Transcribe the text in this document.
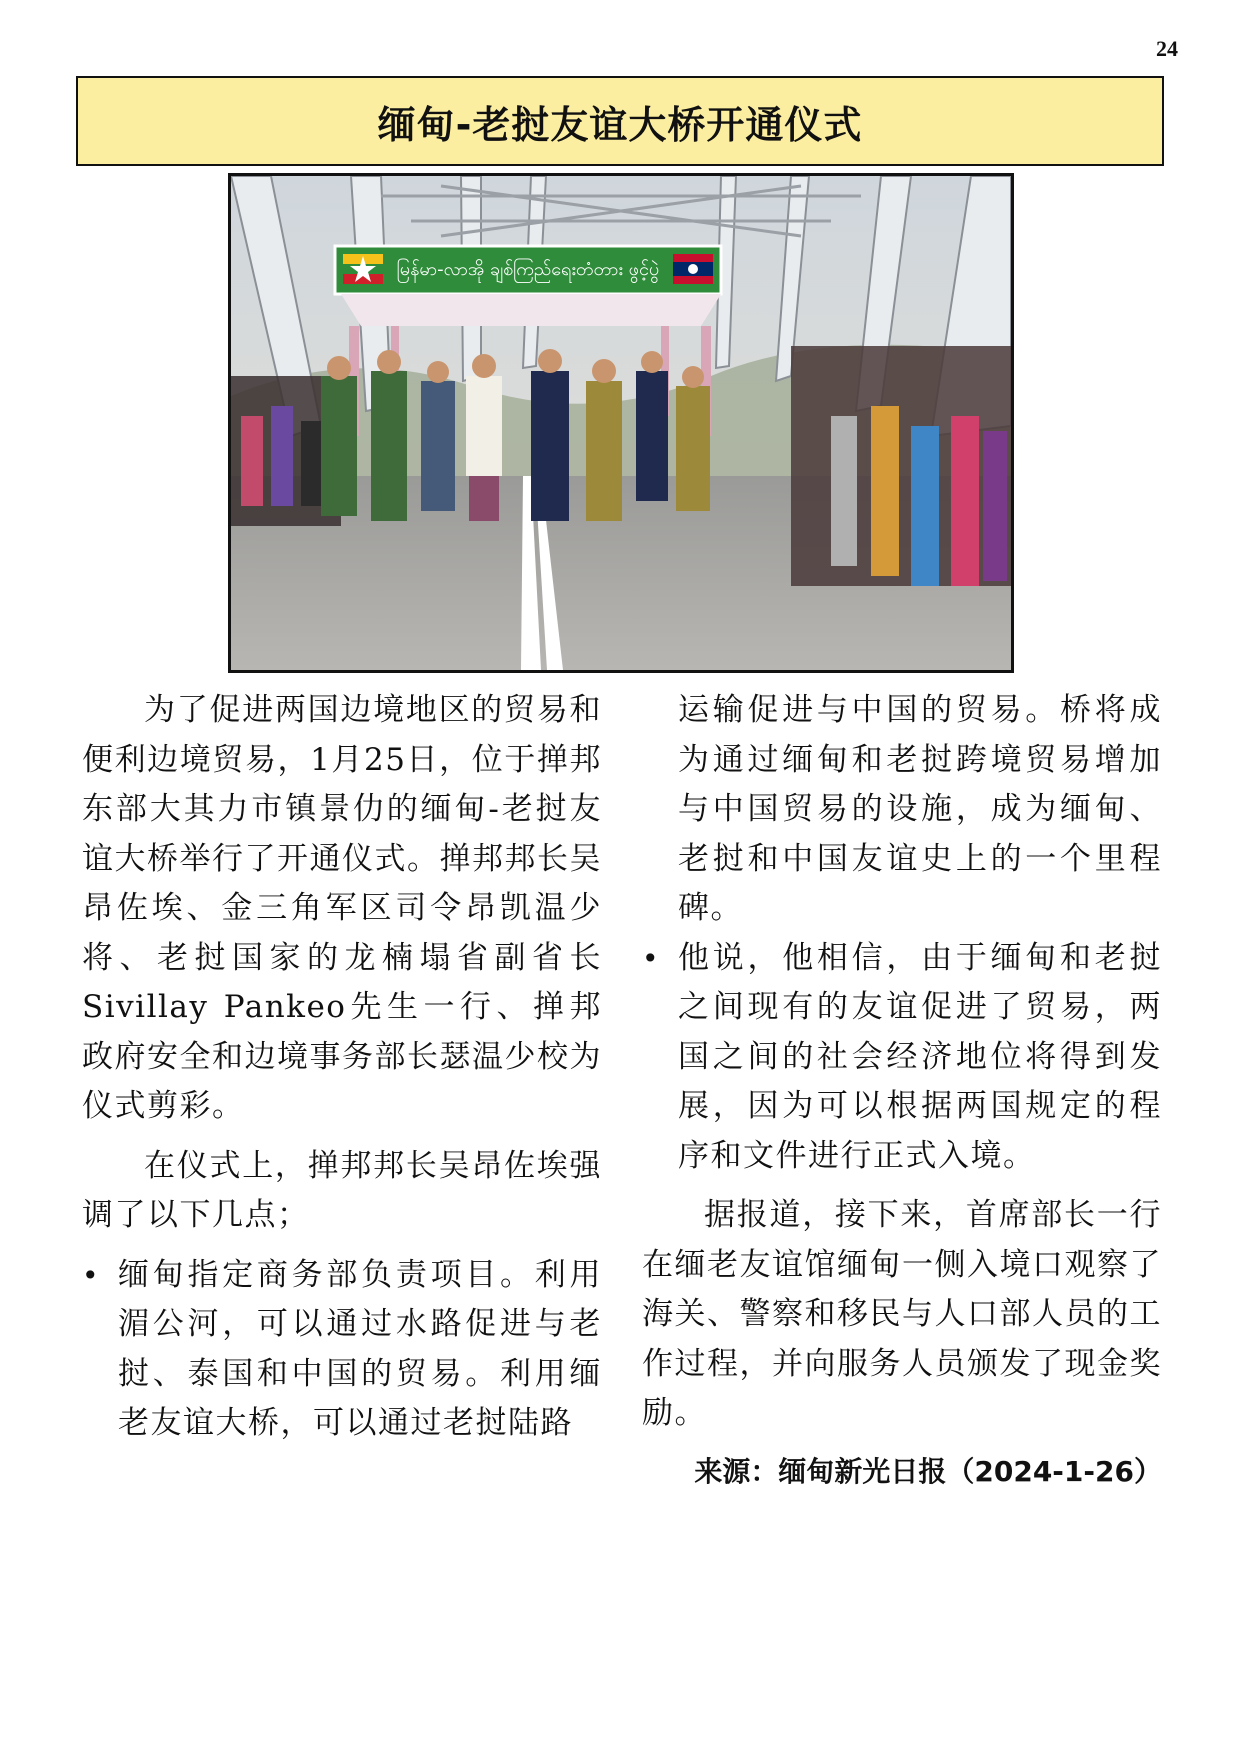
24
缅甸-老挝友谊大桥开通仪式
မြန်မာ-လာအို ချစ်ကြည်ရေးတံတား ဖွင့်ပွဲ

为了促进两国边境地区的贸易和便利边境贸易，1月25日，位于掸邦东部大其力市镇景仂的缅甸-老挝友谊大桥举行了开通仪式。掸邦邦长吴昂佐埃、金三角军区司令昂凯温少将、老挝国家的龙楠塌省副省长Sivillay Pankeo先生一行、掸邦政府安全和边境事务部长瑟温少校为仪式剪彩。

在仪式上，掸邦邦长吴昂佐埃强调了以下几点；

• 缅甸指定商务部负责项目。利用湄公河，可以通过水路促进与老挝、泰国和中国的贸易。利用缅老友谊大桥，可以通过老挝陆路

运输促进与中国的贸易。桥将成为通过缅甸和老挝跨境贸易增加与中国贸易的设施，成为缅甸、老挝和中国友谊史上的一个里程碑。

• 他说，他相信，由于缅甸和老挝之间现有的友谊促进了贸易，两国之间的社会经济地位将得到发展，因为可以根据两国规定的程序和文件进行正式入境。

据报道，接下来，首席部长一行在缅老友谊馆缅甸一侧入境口观察了海关、警察和移民与人口部人员的工作过程，并向服务人员颁发了现金奖励。

来源：缅甸新光日报（2024-1-26）
